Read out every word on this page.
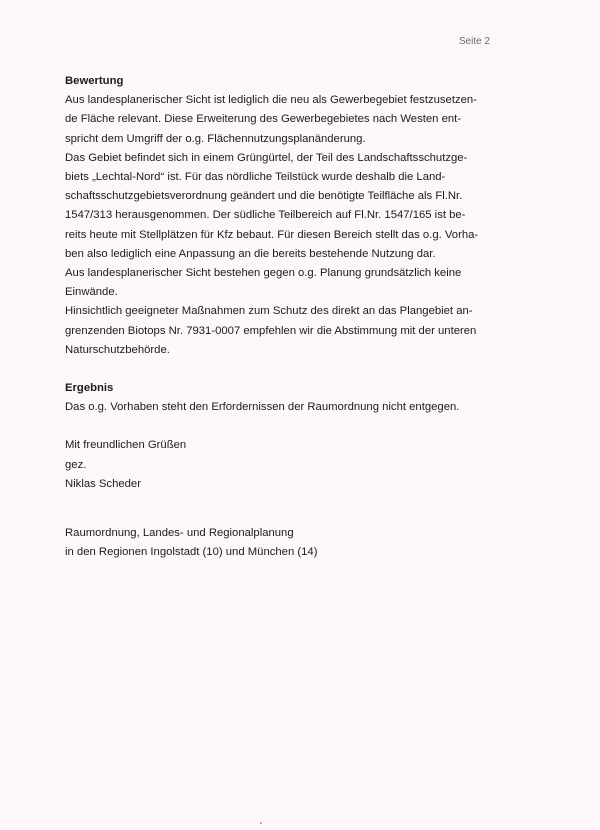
Seite 2
Bewertung
Aus landesplanerischer Sicht ist lediglich die neu als Gewerbegebiet festzusetzen-
de Fläche relevant. Diese Erweiterung des Gewerbegebietes nach Westen ent-
spricht dem Umgriff der o.g. Flächennutzungsplanänderung.
Das Gebiet befindet sich in einem Grüngürtel, der Teil des Landschaftsschutzge-
biets „Lechtal-Nord“ ist. Für das nördliche Teilstück wurde deshalb die Land-
schaftsschutzgebietsverordnung geändert und die benötigte Teilfläche als Fl.Nr.
1547/313 herausgenommen. Der südliche Teilbereich auf Fl.Nr. 1547/165 ist be-
reits heute mit Stellplätzen für Kfz bebaut. Für diesen Bereich stellt das o.g. Vorha-
ben also lediglich eine Anpassung an die bereits bestehende Nutzung dar.
Aus landesplanerischer Sicht bestehen gegen o.g. Planung grundsätzlich keine
Einwände.
Hinsichtlich geeigneter Maßnahmen zum Schutz des direkt an das Plangebiet an-
grenzenden Biotops Nr. 7931-0007 empfehlen wir die Abstimmung mit der unteren
Naturschutzbehörde.
Ergebnis
Das o.g. Vorhaben steht den Erfordernissen der Raumordnung nicht entgegen.
Mit freundlichen Grüßen
gez.
Niklas Scheder
Raumordnung, Landes- und Regionalplanung
in den Regionen Ingolstadt (10) und München (14)
